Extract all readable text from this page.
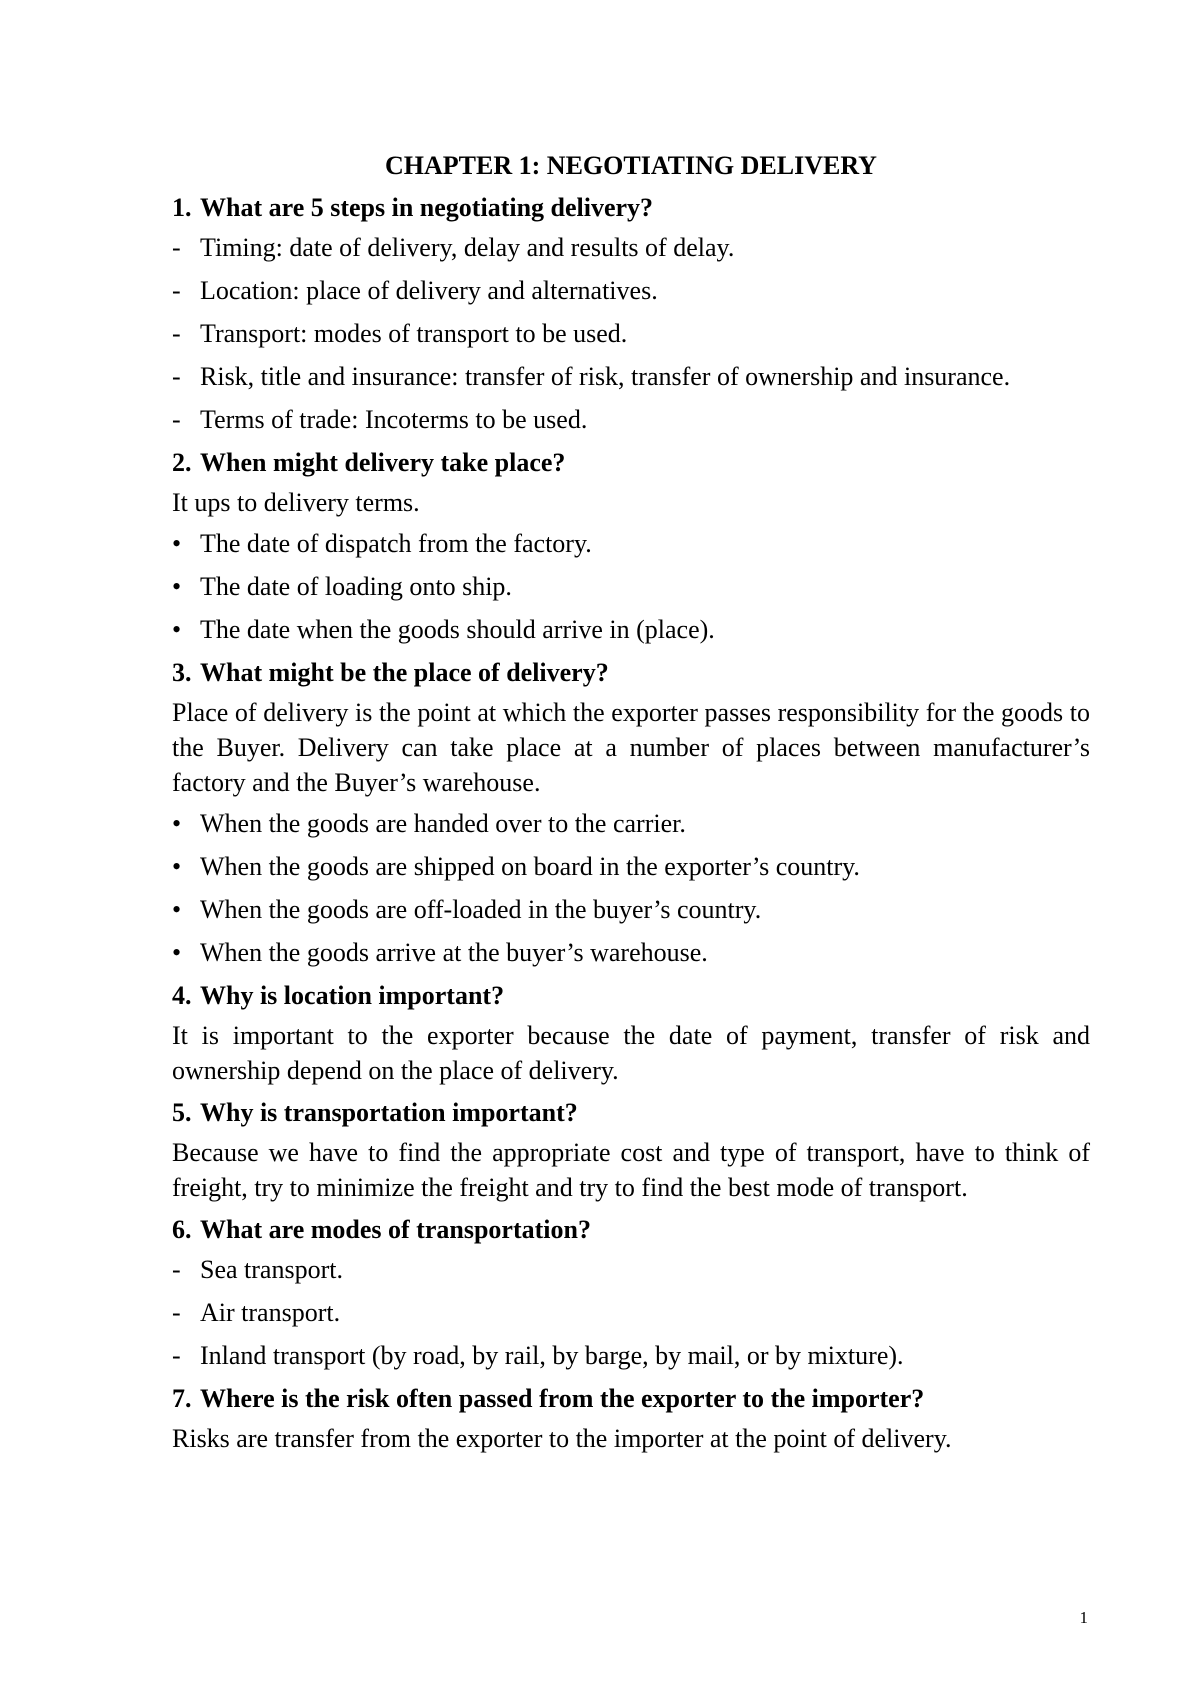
CHAPTER 1: NEGOTIATING DELIVERY
1. What are 5 steps in negotiating delivery?
- Timing: date of delivery, delay and results of delay.
- Location: place of delivery and alternatives.
- Transport: modes of transport to be used.
- Risk, title and insurance: transfer of risk, transfer of ownership and insurance.
- Terms of trade: Incoterms to be used.
2. When might delivery take place?
It ups to delivery terms.
• The date of dispatch from the factory.
• The date of loading onto ship.
• The date when the goods should arrive in (place).
3. What might be the place of delivery?
Place of delivery is the point at which the exporter passes responsibility for the goods to the Buyer. Delivery can take place at a number of places between manufacturer’s factory and the Buyer’s warehouse.
• When the goods are handed over to the carrier.
• When the goods are shipped on board in the exporter’s country.
• When the goods are off-loaded in the buyer’s country.
• When the goods arrive at the buyer’s warehouse.
4. Why is location important?
It is important to the exporter because the date of payment, transfer of risk and ownership depend on the place of delivery.
5. Why is transportation important?
Because we have to find the appropriate cost and type of transport, have to think of freight, try to minimize the freight and try to find the best mode of transport.
6. What are modes of transportation?
- Sea transport.
- Air transport.
- Inland transport (by road, by rail, by barge, by mail, or by mixture).
7. Where is the risk often passed from the exporter to the importer?
Risks are transfer from the exporter to the importer at the point of delivery.
1
